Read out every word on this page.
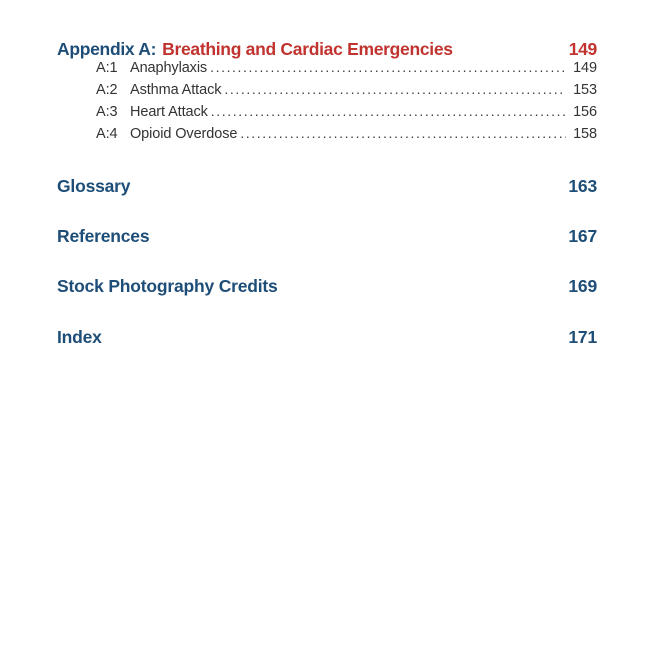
Appendix A: Breathing and Cardiac Emergencies	149
A:1 Anaphylaxis .....	149
A:2 Asthma Attack .....	153
A:3 Heart Attack .....	156
A:4 Opioid Overdose .....	158
Glossary	163
References	167
Stock Photography Credits	169
Index	171
